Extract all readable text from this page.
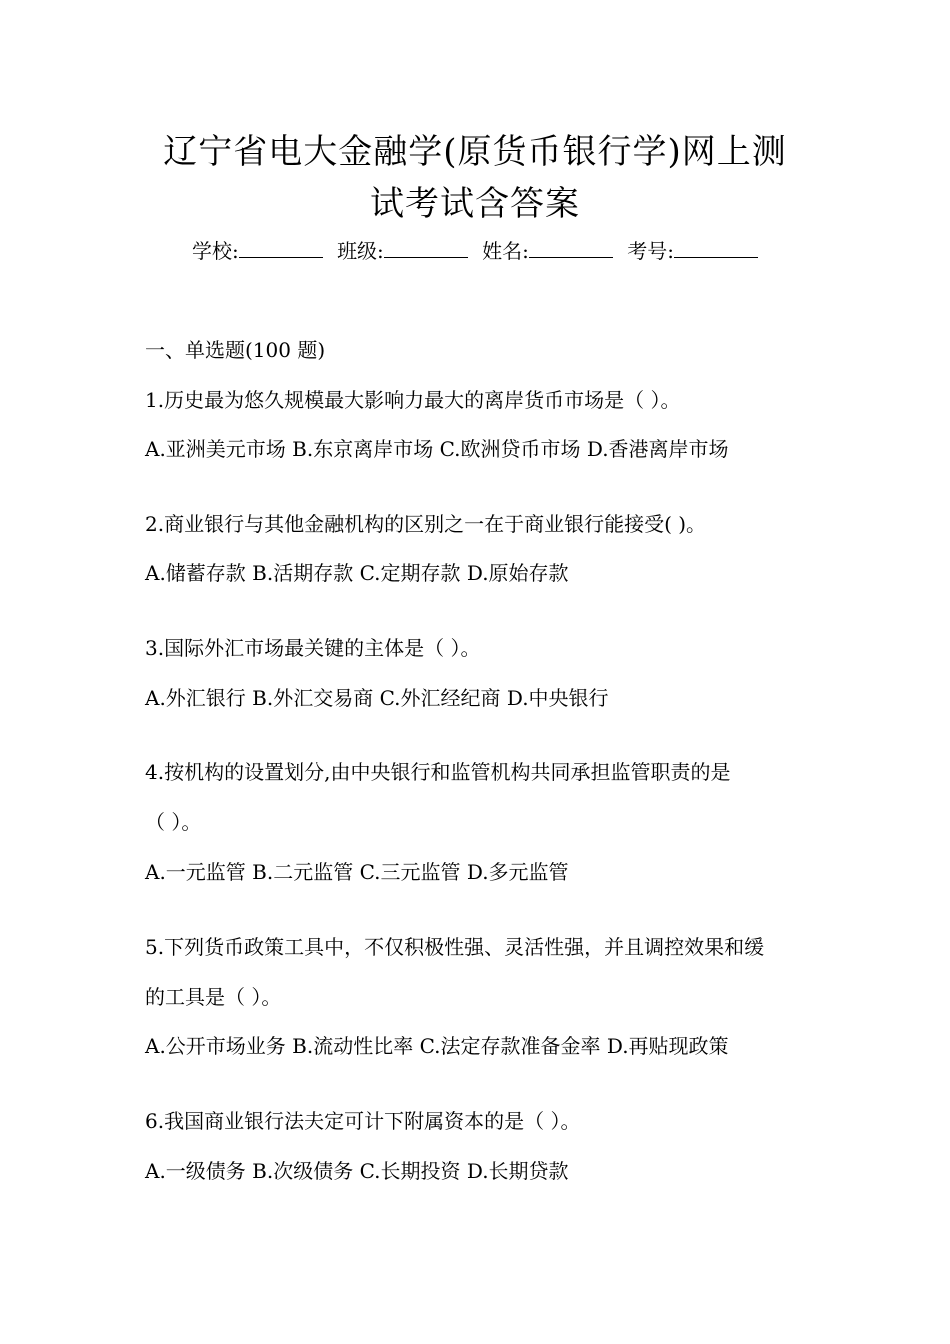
辽宁省电大金融学(原货币银行学)网上测
试考试含答案
学校:	班级:	姓名:	考号:
一、单选题(100 题)
1.历史最为悠久规模最大影响力最大的离岸货币市场是（ ）。
A.亚洲美元市场 B.东京离岸市场 C.欧洲贷币市场 D.香港离岸市场
2.商业银行与其他金融机构的区别之一在于商业银行能接受( )。
A.储蓄存款 B.活期存款 C.定期存款 D.原始存款
3.国际外汇市场最关键的主体是（ ）。
A.外汇银行 B.外汇交易商 C.外汇经纪商 D.中央银行
4.按机构的设置划分,由中央银行和监管机构共同承担监管职责的是
（ ）。
A.一元监管 B.二元监管 C.三元监管 D.多元监管
5.下列货币政策工具中，不仅积极性强、灵活性强，并且调控效果和缓
的工具是（ ）。
A.公开市场业务 B.流动性比率 C.法定存款准备金率 D.再贴现政策
6.我国商业银行法夫定可计下附属资本的是（ ）。
A.一级债务 B.次级债务 C.长期投资 D.长期贷款
